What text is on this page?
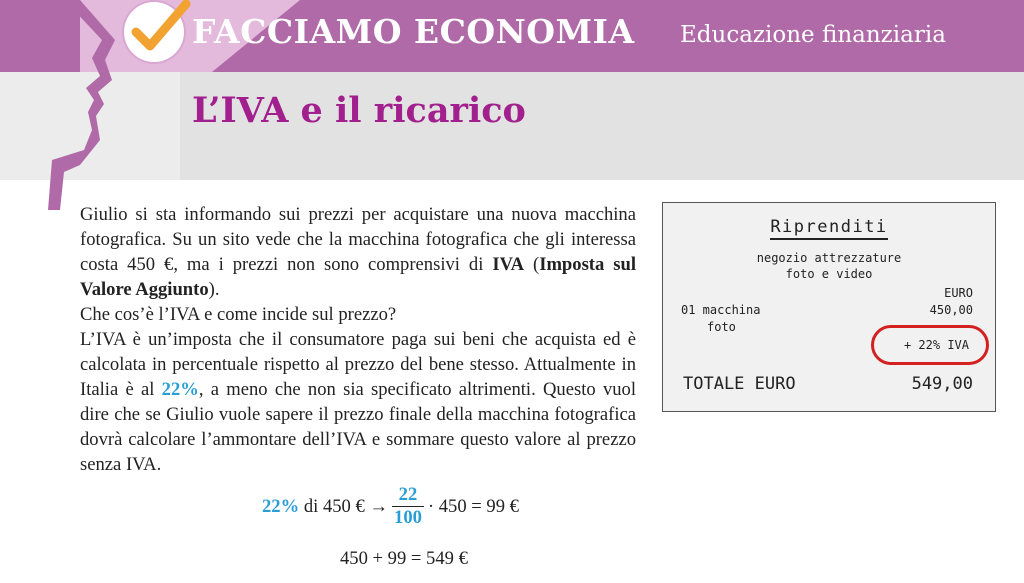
FACCIAMO ECONOMIA Educazione finanziaria
L’IVA e il ricarico

Giulio si sta informando sui prezzi per acquistare una nuova macchina fotografica. Su un sito vede che la macchina fotografica che gli interessa costa 450 €, ma i prezzi non sono comprensivi di IVA (Imposta sul Valore Aggiunto).

Che cos’è l’IVA e come incide sul prezzo?

L’IVA è un’imposta che il consumatore paga sui beni che acquista ed è calcolata in percentuale rispetto al prezzo del bene stesso. Attualmente in Italia è al 22%, a meno che non sia specificato altrimenti. Questo vuol dire che se Giulio vuole sapere il prezzo finale della macchina fotografica dovrà calcolare l’ammontare dell’IVA e sommare questo valore al prezzo senza IVA.

22% di 450 € → $\frac{22}{100} \cdot 450 = 99$ €
450 + 99 = 549 €
Riprenditi
negozio attrezzature
foto e video
EURO
01 macchina
foto
450,00
+ 22% IVA
TOTALE EURO	549,00
